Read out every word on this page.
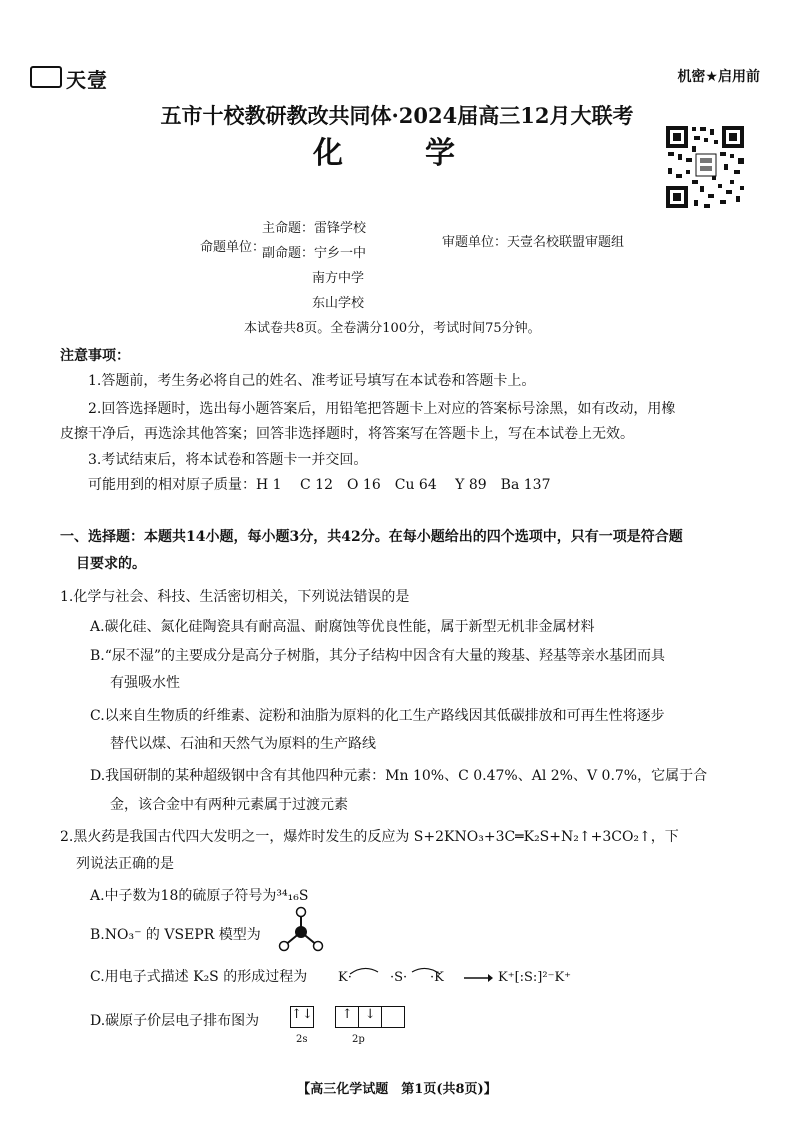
天壹	机密★启用前
五市十校教研教改共同体·2024届高三12月大联考
化　学
主命题：雷锋学校
命题单位：
副命题：宁乡一中
南方中学
东山学校
审题单位：天壹名校联盟审题组
本试卷共8页。全卷满分100分，考试时间75分钟。
注意事项：
1.答题前，考生务必将自己的姓名、准考证号填写在本试卷和答题卡上。
2.回答选择题时，选出每小题答案后，用铅笔把答题卡上对应的答案标号涂黑，如有改动，用橡
皮擦干净后，再选涂其他答案；回答非选择题时，将答案写在答题卡上，写在本试卷上无效。
3.考试结束后，将本试卷和答题卡一并交回。
可能用到的相对原子质量：H 1　 C 12　O 16　Cu 64　 Y 89　Ba 137
一、选择题：本题共14小题，每小题3分，共42分。在每小题给出的四个选项中，只有一项是符合题
目要求的。
1.化学与社会、科技、生活密切相关，下列说法错误的是
A.碳化硅、氮化硅陶瓷具有耐高温、耐腐蚀等优良性能，属于新型无机非金属材料
B.“尿不湿”的主要成分是高分子树脂，其分子结构中因含有大量的羧基、羟基等亲水基团而具
有强吸水性
C.以来自生物质的纤维素、淀粉和油脂为原料的化工生产路线因其低碳排放和可再生性将逐步
替代以煤、石油和天然气为原料的生产路线
D.我国研制的某种超级钢中含有其他四种元素：Mn 10%、C 0.47%、Al 2%、V 0.7%，它属于合
金，该合金中有两种元素属于过渡元素
2.黑火药是我国古代四大发明之一，爆炸时发生的反应为 S+2KNO₃+3C═K₂S+N₂↑+3CO₂↑，下
列说法正确的是
A.中子数为18的硫原子符号为³⁴₁₆S
B.NO₃⁻ 的 VSEPR 模型为
C.用电子式描述 K₂S 的形成过程为 K·	·S· ·K → K⁺[:S:]²⁻K⁺
D.碳原子价层电子排布图为 ↑↓ ↑ ↓
2s	2p
【高三化学试题　第1页(共8页)】
